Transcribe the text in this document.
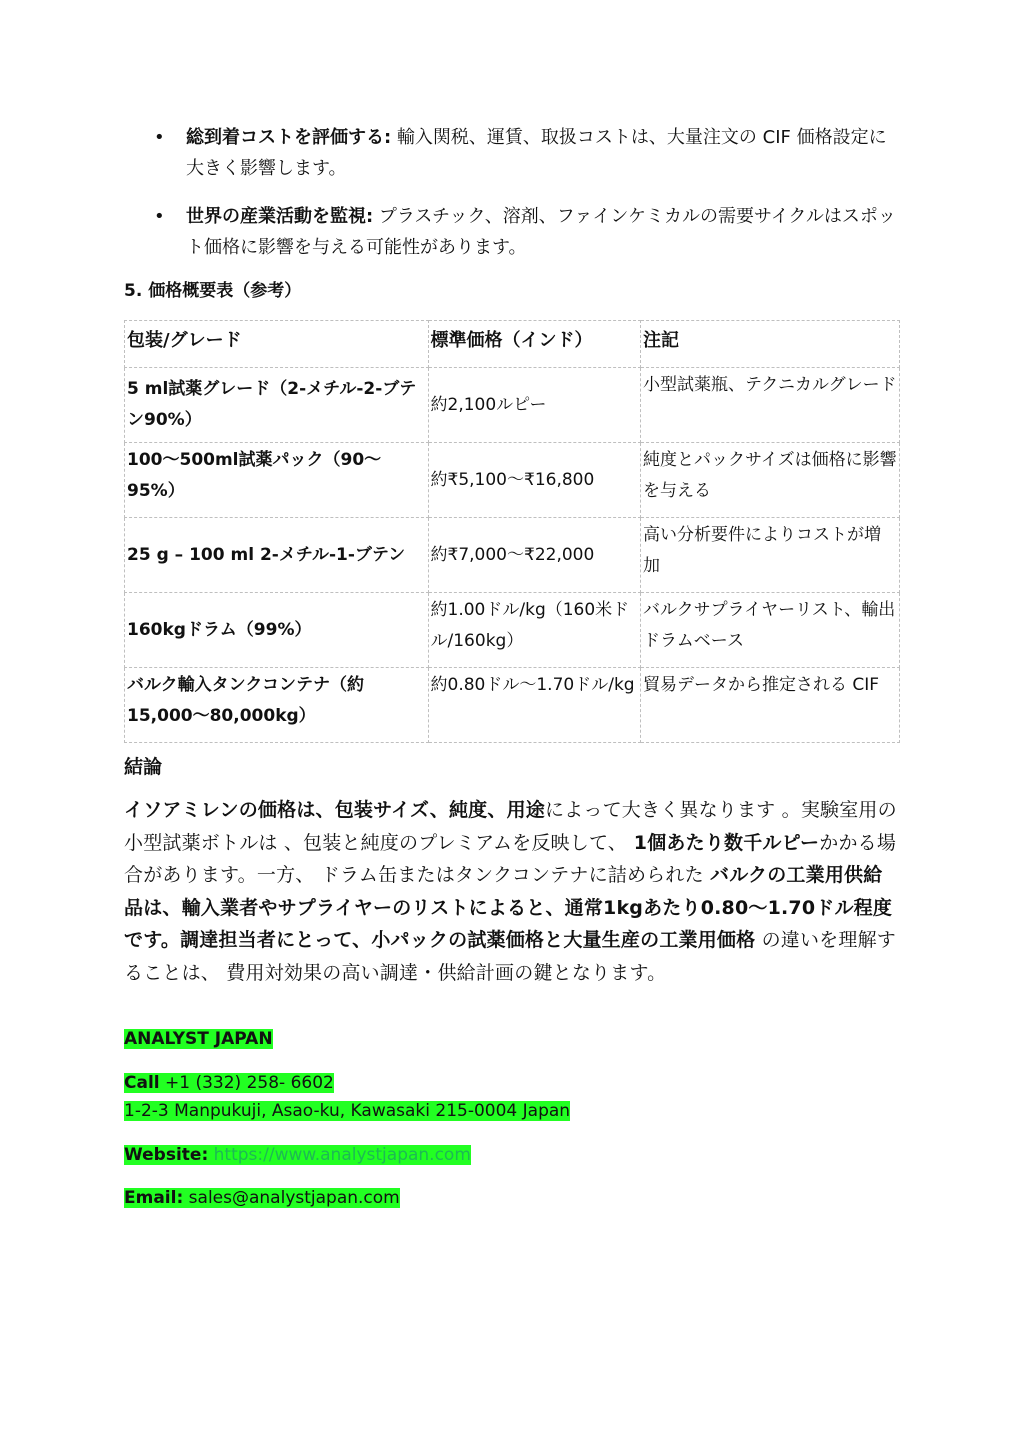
• 総到着コストを評価する: 輸入関税、運賃、取扱コストは、大量注文の CIF 価格設定に大きく影響します。
• 世界の産業活動を監視: プラスチック、溶剤、ファインケミカルの需要サイクルはスポット価格に影響を与える可能性があります。
5. 価格概要表（参考）
包装/グレード	標準価格（インド）	注記
5 ml試薬グレード（2-メチル-2-ブテン90%）	約2,100ルピー	小型試薬瓶、テクニカルグレード
100〜500ml試薬パック（90〜95%）	約₹5,100〜₹16,800	純度とパックサイズは価格に影響を与える
25 g – 100 ml 2-メチル-1-ブテン	約₹7,000〜₹22,000	高い分析要件によりコストが増加
160kgドラム（99%）	約1.00ドル/kg（160米ドル/160kg）	バルクサプライヤーリスト、輸出ドラムベース
バルク輸入タンクコンテナ（約15,000〜80,000kg）	約0.80ドル〜1.70ドル/kg	貿易データから推定される CIF
結論
イソアミレンの価格は、包装サイズ、純度、用途によって大きく異なります 。実験室用の小型試薬ボトルは 、包装と純度のプレミアムを反映して、 1個あたり数千ルピーかかる場合があります。一方、 ドラム缶またはタンクコンテナに詰められた バルクの工業用供給品は、輸入業者やサプライヤーのリストによると、通常1kgあたり0.80〜1.70ドル程度です。調達担当者にとって、小パックの試薬価格と大量生産の工業用価格 の違いを理解することは、 費用対効果の高い調達・供給計画の鍵となります。
ANALYST JAPAN
Call +1 (332) 258- 6602
1-2-3 Manpukuji, Asao-ku, Kawasaki 215-0004 Japan
Website: https://www.analystjapan.com
Email: sales@analystjapan.com
